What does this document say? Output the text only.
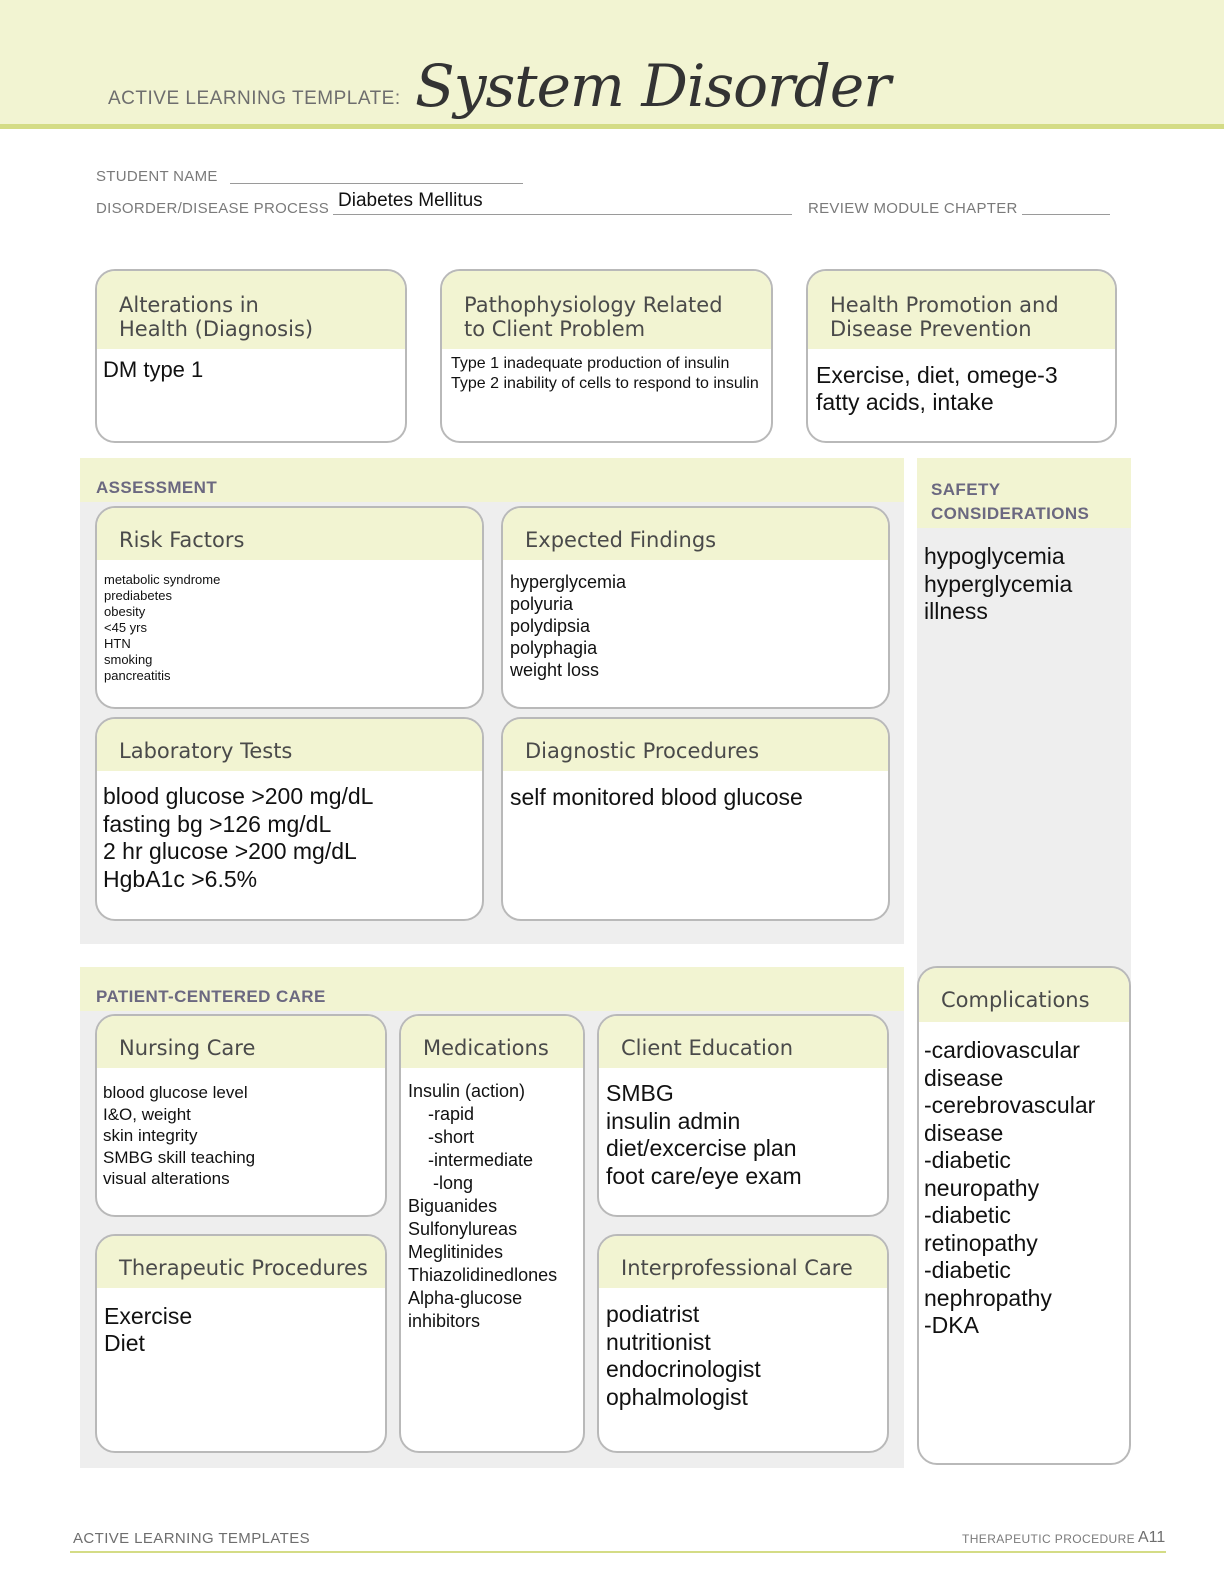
ACTIVE LEARNING TEMPLATE: System Disorder
STUDENT NAME
DISORDER/DISEASE PROCESS Diabetes Mellitus	REVIEW MODULE CHAPTER
Alterations in
Health (Diagnosis)
DM type 1
Pathophysiology Related
to Client Problem
Type 1 inadequate production of insulin
Type 2 inability of cells to respond to insulin
Health Promotion and
Disease Prevention
Exercise, diet, omege-3
fatty acids, intake
ASSESSMENT
Risk Factors
metabolic syndrome
prediabetes
obesity
<45 yrs
HTN
smoking
pancreatitis
Expected Findings
hyperglycemia
polyuria
polydipsia
polyphagia
weight loss
Laboratory Tests
blood glucose >200 mg/dL
fasting bg >126 mg/dL
2 hr glucose >200 mg/dL
HgbA1c >6.5%
Diagnostic Procedures
self monitored blood glucose
SAFETY
CONSIDERATIONS
hypoglycemia
hyperglycemia
illness
PATIENT-CENTERED CARE
Nursing Care
blood glucose level
I&O, weight
skin integrity
SMBG skill teaching
visual alterations
Medications
Insulin (action)
-rapid
-short
-intermediate
-long
Biguanides
Sulfonylureas
Meglitinides
Thiazolidinedlones
Alpha-glucose
inhibitors
Client Education
SMBG
insulin admin
diet/excercise plan
foot care/eye exam
Therapeutic Procedures
Exercise
Diet
Interprofessional Care
podiatrist
nutritionist
endocrinologist
ophalmologist
Complications
-cardiovascular
disease
-cerebrovascular
disease
-diabetic
neuropathy
-diabetic
retinopathy
-diabetic
nephropathy
-DKA
ACTIVE LEARNING TEMPLATES	THERAPEUTIC PROCEDURE A11
